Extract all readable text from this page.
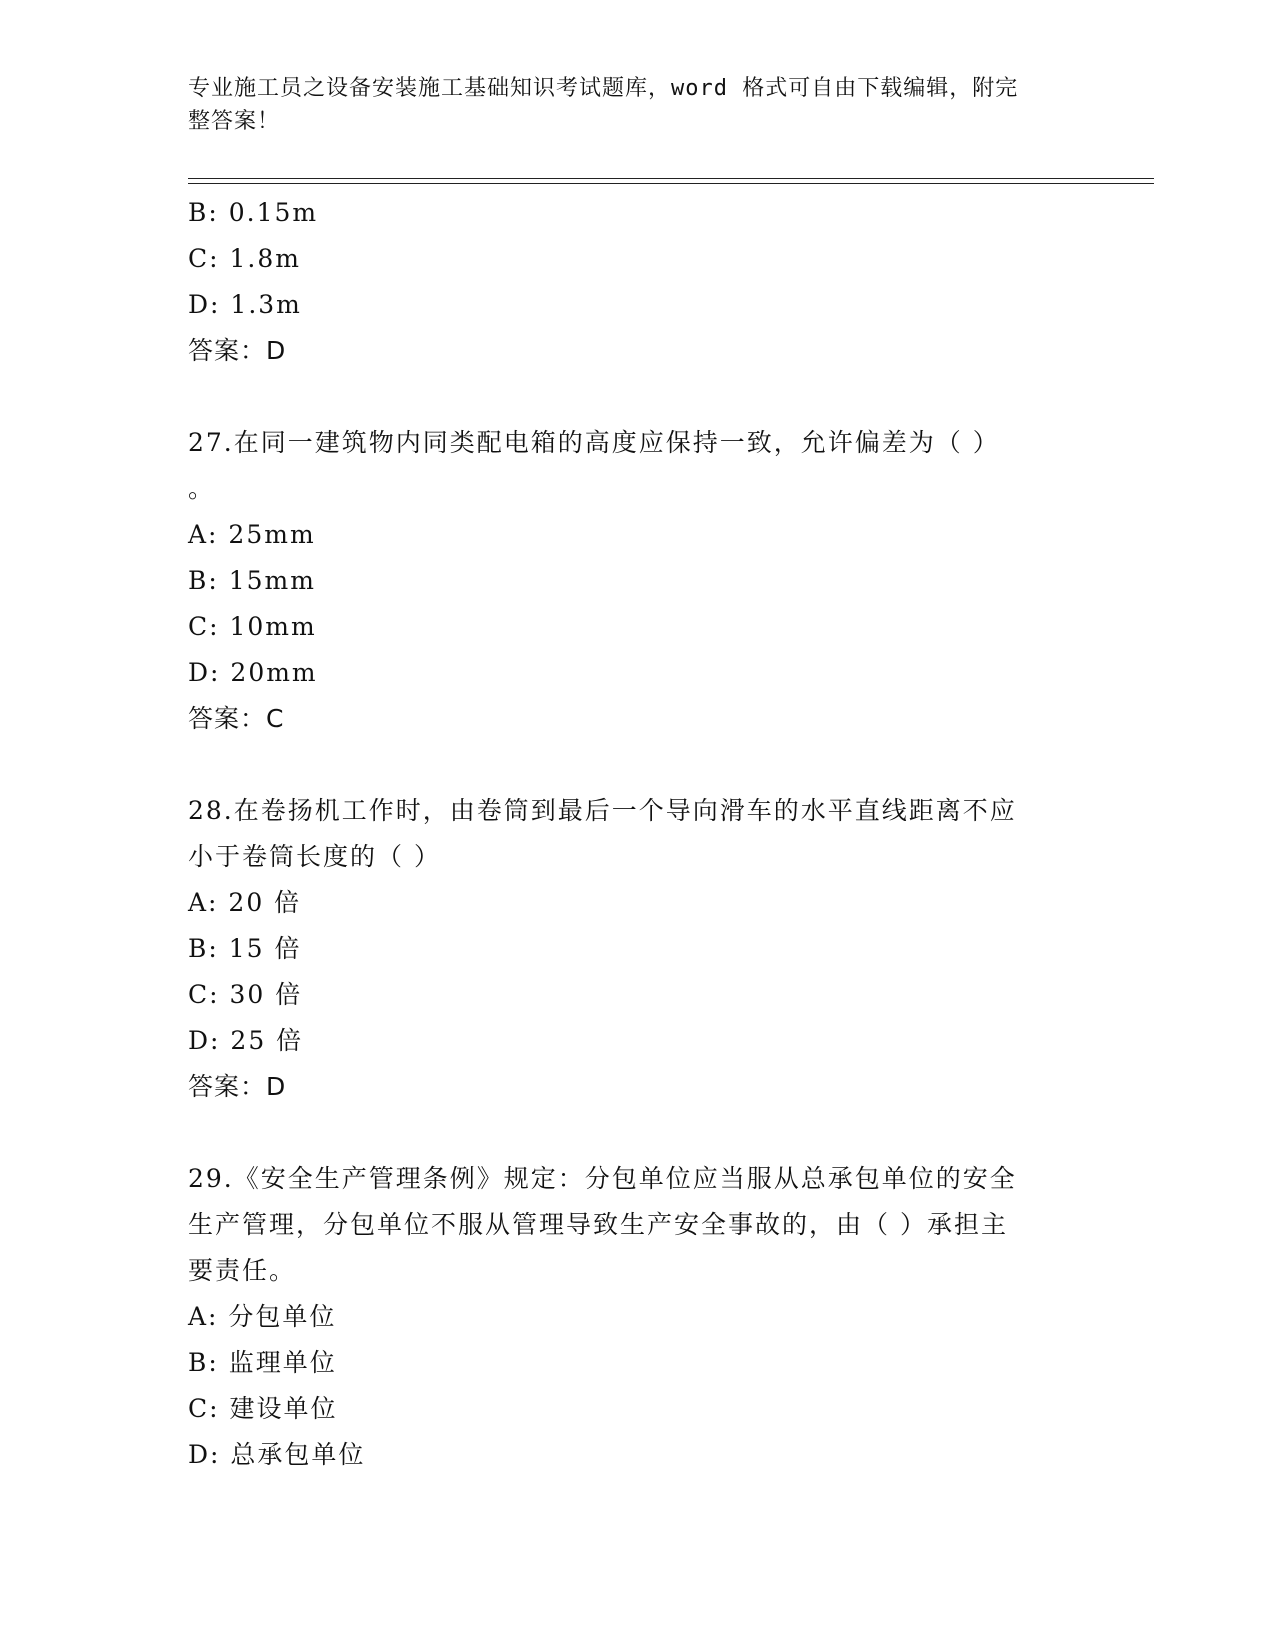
专业施工员之设备安装施工基础知识考试题库，word 格式可自由下载编辑，附完
整答案！
B: 0.15m
C: 1.8m
D: 1.3m
答案：D
27.在同一建筑物内同类配电箱的高度应保持一致，允许偏差为（ ）
。
A: 25mm
B: 15mm
C: 10mm
D: 20mm
答案：C
28.在卷扬机工作时，由卷筒到最后一个导向滑车的水平直线距离不应
小于卷筒长度的（ ）
A: 20 倍
B: 15 倍
C: 30 倍
D: 25 倍
答案：D
29.《安全生产管理条例》规定：分包单位应当服从总承包单位的安全
生产管理，分包单位不服从管理导致生产安全事故的，由（ ）承担主
要责任。
A: 分包单位
B: 监理单位
C: 建设单位
D: 总承包单位
